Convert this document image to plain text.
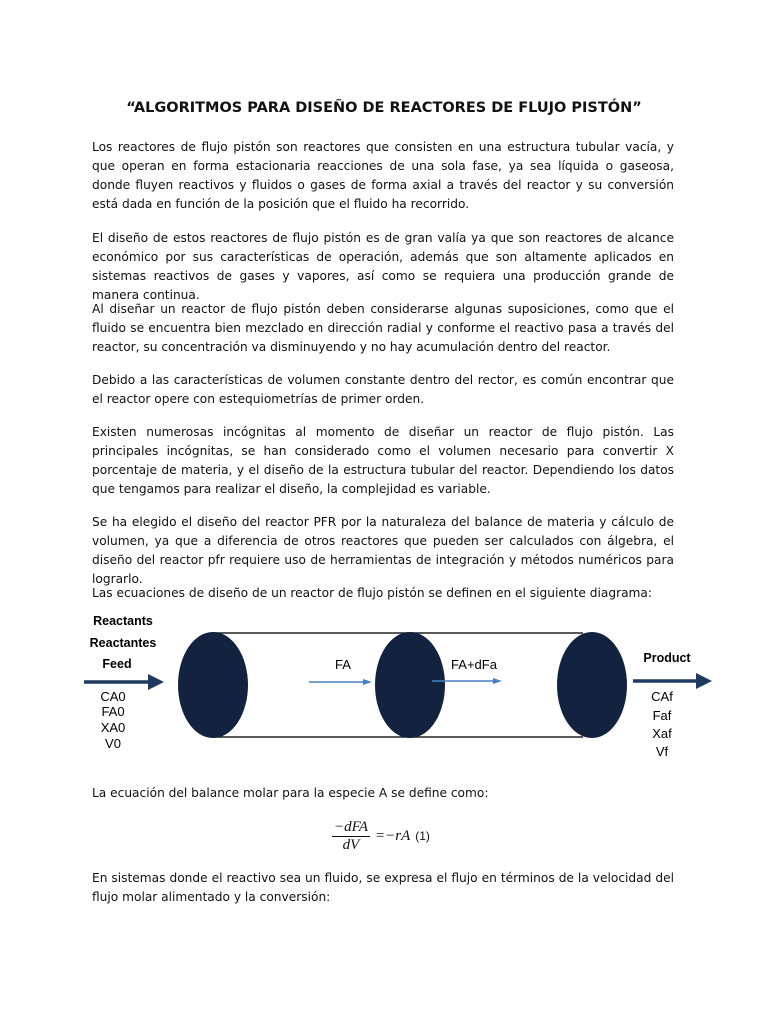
“ALGORITMOS PARA DISEÑO DE REACTORES DE FLUJO PISTÓN”

Los reactores de flujo pistón son reactores que consisten en una estructura tubular vacía, y que operan en forma estacionaria reacciones de una sola fase, ya sea líquida o gaseosa, donde fluyen reactivos y fluidos o gases de forma axial a través del reactor y su conversión está dada en función de la posición que el fluido ha recorrido.

El diseño de estos reactores de flujo pistón es de gran valía ya que son reactores de alcance económico por sus características de operación, además que son altamente aplicados en sistemas reactivos de gases y vapores, así como se requiera una producción grande de manera continua.

Al diseñar un reactor de flujo pistón deben considerarse algunas suposiciones, como que el fluido se encuentra bien mezclado en dirección radial y conforme el reactivo pasa a través del reactor, su concentración va disminuyendo y no hay acumulación dentro del reactor.

Debido a las características de volumen constante dentro del rector, es común encontrar que el reactor opere con estequiometrías de primer orden.

Existen numerosas incógnitas al momento de diseñar un reactor de flujo pistón. Las principales incógnitas, se han considerado como el volumen necesario para convertir X porcentaje de materia, y el diseño de la estructura tubular del reactor. Dependiendo los datos que tengamos para realizar el diseño, la complejidad es variable.

Se ha elegido el diseño del reactor PFR por la naturaleza del balance de materia y cálculo de volumen, ya que a diferencia de otros reactores que pueden ser calculados con álgebra, el diseño del reactor pfr requiere uso de herramientas de integración y métodos numéricos para lograrlo.

Las ecuaciones de diseño de un reactor de flujo pistón se definen en el siguiente diagrama:

Reactants
Reactantes
Feed
CA0
FA0
XA0
V0
FA	FA+dFa	Product
CAf
Faf
Xaf
Vf

La ecuación del balance molar para la especie A se define como:

$\frac{\text{−dFA}}{dV} =-rA$ (1)

En sistemas donde el reactivo sea un fluido, se expresa el flujo en términos de la velocidad del flujo molar alimentado y la conversión:
